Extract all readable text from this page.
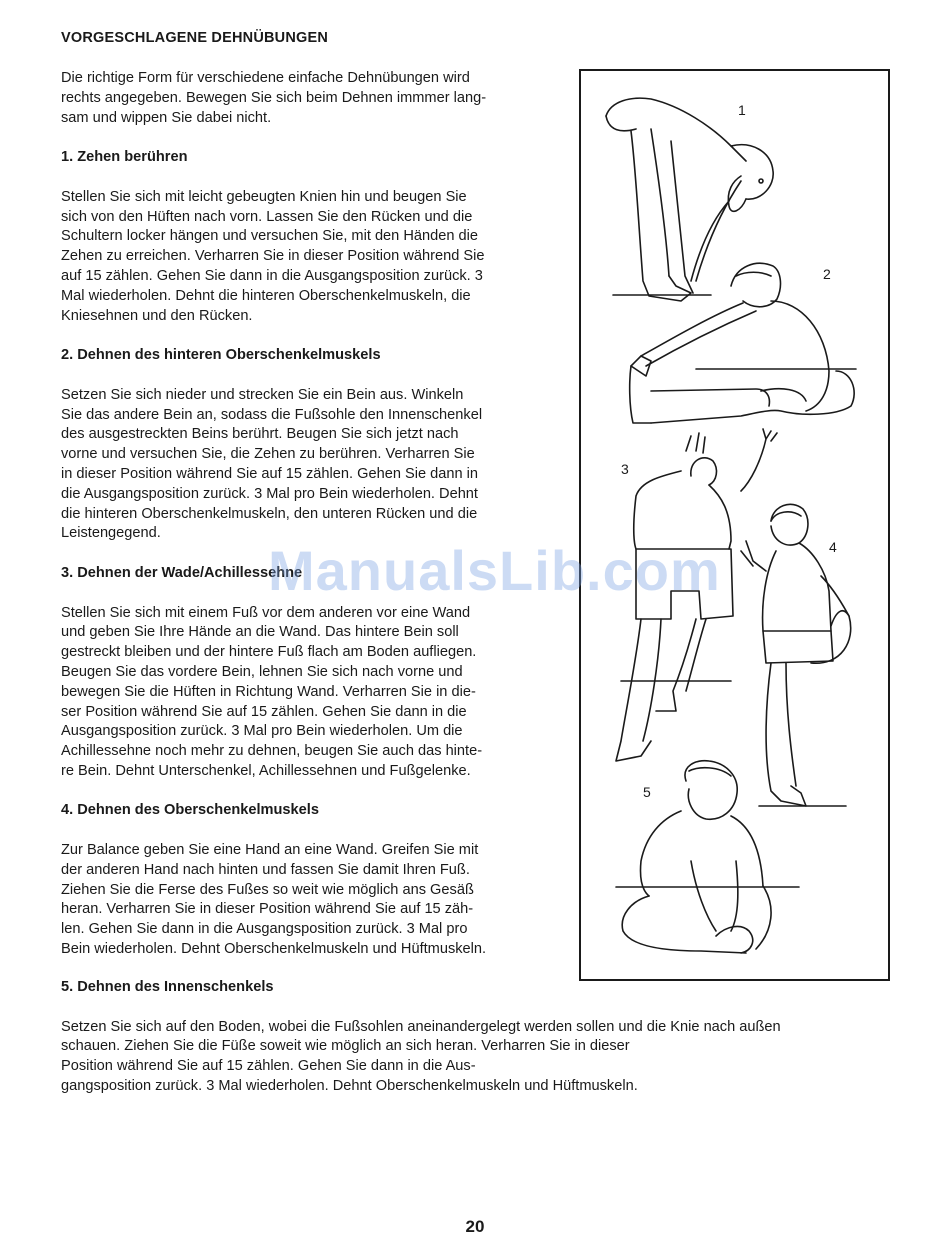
VORGESCHLAGENE DEHNÜBUNGEN
Die richtige Form für verschiedene einfache Dehnübungen wird
rechts angegeben. Bewegen Sie sich beim Dehnen immmer lang-
sam und wippen Sie dabei nicht.
1. Zehen berühren
Stellen Sie sich mit leicht gebeugten Knien hin und beugen Sie
sich von den Hüften nach vorn. Lassen Sie den Rücken und die
Schultern locker hängen und versuchen Sie, mit den Händen die
Zehen zu erreichen. Verharren Sie in dieser Position während Sie
auf 15 zählen. Gehen Sie dann in die Ausgangsposition zurück. 3
Mal wiederholen. Dehnt die hinteren Oberschenkelmuskeln, die
Kniesehnen und den Rücken.
2. Dehnen des hinteren Oberschenkelmuskels
Setzen Sie sich nieder und strecken Sie ein Bein aus. Winkeln
Sie das andere Bein an, sodass die Fußsohle den Innenschenkel
des ausgestreckten Beins berührt. Beugen Sie sich jetzt nach
vorne und versuchen Sie, die Zehen zu berühren. Verharren Sie
in dieser Position während Sie auf 15 zählen. Gehen Sie dann in
die Ausgangsposition zurück. 3 Mal pro Bein wiederholen. Dehnt
die hinteren Oberschenkelmuskeln, den unteren Rücken und die
Leistengegend.
3. Dehnen der Wade/Achillessehne
Stellen Sie sich mit einem Fuß vor dem anderen vor eine Wand
und geben Sie Ihre Hände an die Wand. Das hintere Bein soll
gestreckt bleiben und der hintere Fuß flach am Boden aufliegen.
Beugen Sie das vordere Bein, lehnen Sie sich nach vorne und
bewegen Sie die Hüften in Richtung Wand. Verharren Sie in die-
ser Position während Sie auf 15 zählen. Gehen Sie dann in die
Ausgangsposition zurück. 3 Mal pro Bein wiederholen. Um die
Achillessehne noch mehr zu dehnen, beugen Sie auch das hinte-
re Bein. Dehnt Unterschenkel, Achillessehnen und Fußgelenke.
4. Dehnen des Oberschenkelmuskels
Zur Balance geben Sie eine Hand an eine Wand. Greifen Sie mit
der anderen Hand nach hinten und fassen Sie damit Ihren Fuß.
Ziehen Sie die Ferse des Fußes so weit wie möglich ans Gesäß
heran. Verharren Sie in dieser Position während Sie auf 15 zäh-
len. Gehen Sie dann in die Ausgangsposition zurück. 3 Mal pro
Bein wiederholen. Dehnt Oberschenkelmuskeln und Hüftmuskeln.
5. Dehnen des Innenschenkels
Setzen Sie sich auf den Boden, wobei die Fußsohlen aneinandergelegt werden sollen und die Knie nach außen
schauen. Ziehen Sie die Füße soweit wie möglich an sich heran. Verharren Sie in dieser
Position während Sie auf 15 zählen. Gehen Sie dann in die Aus-
gangsposition zurück. 3 Mal wiederholen. Dehnt Oberschenkelmuskeln und Hüftmuskeln.
1
2
3
4
5
ManualsLib.com
20
